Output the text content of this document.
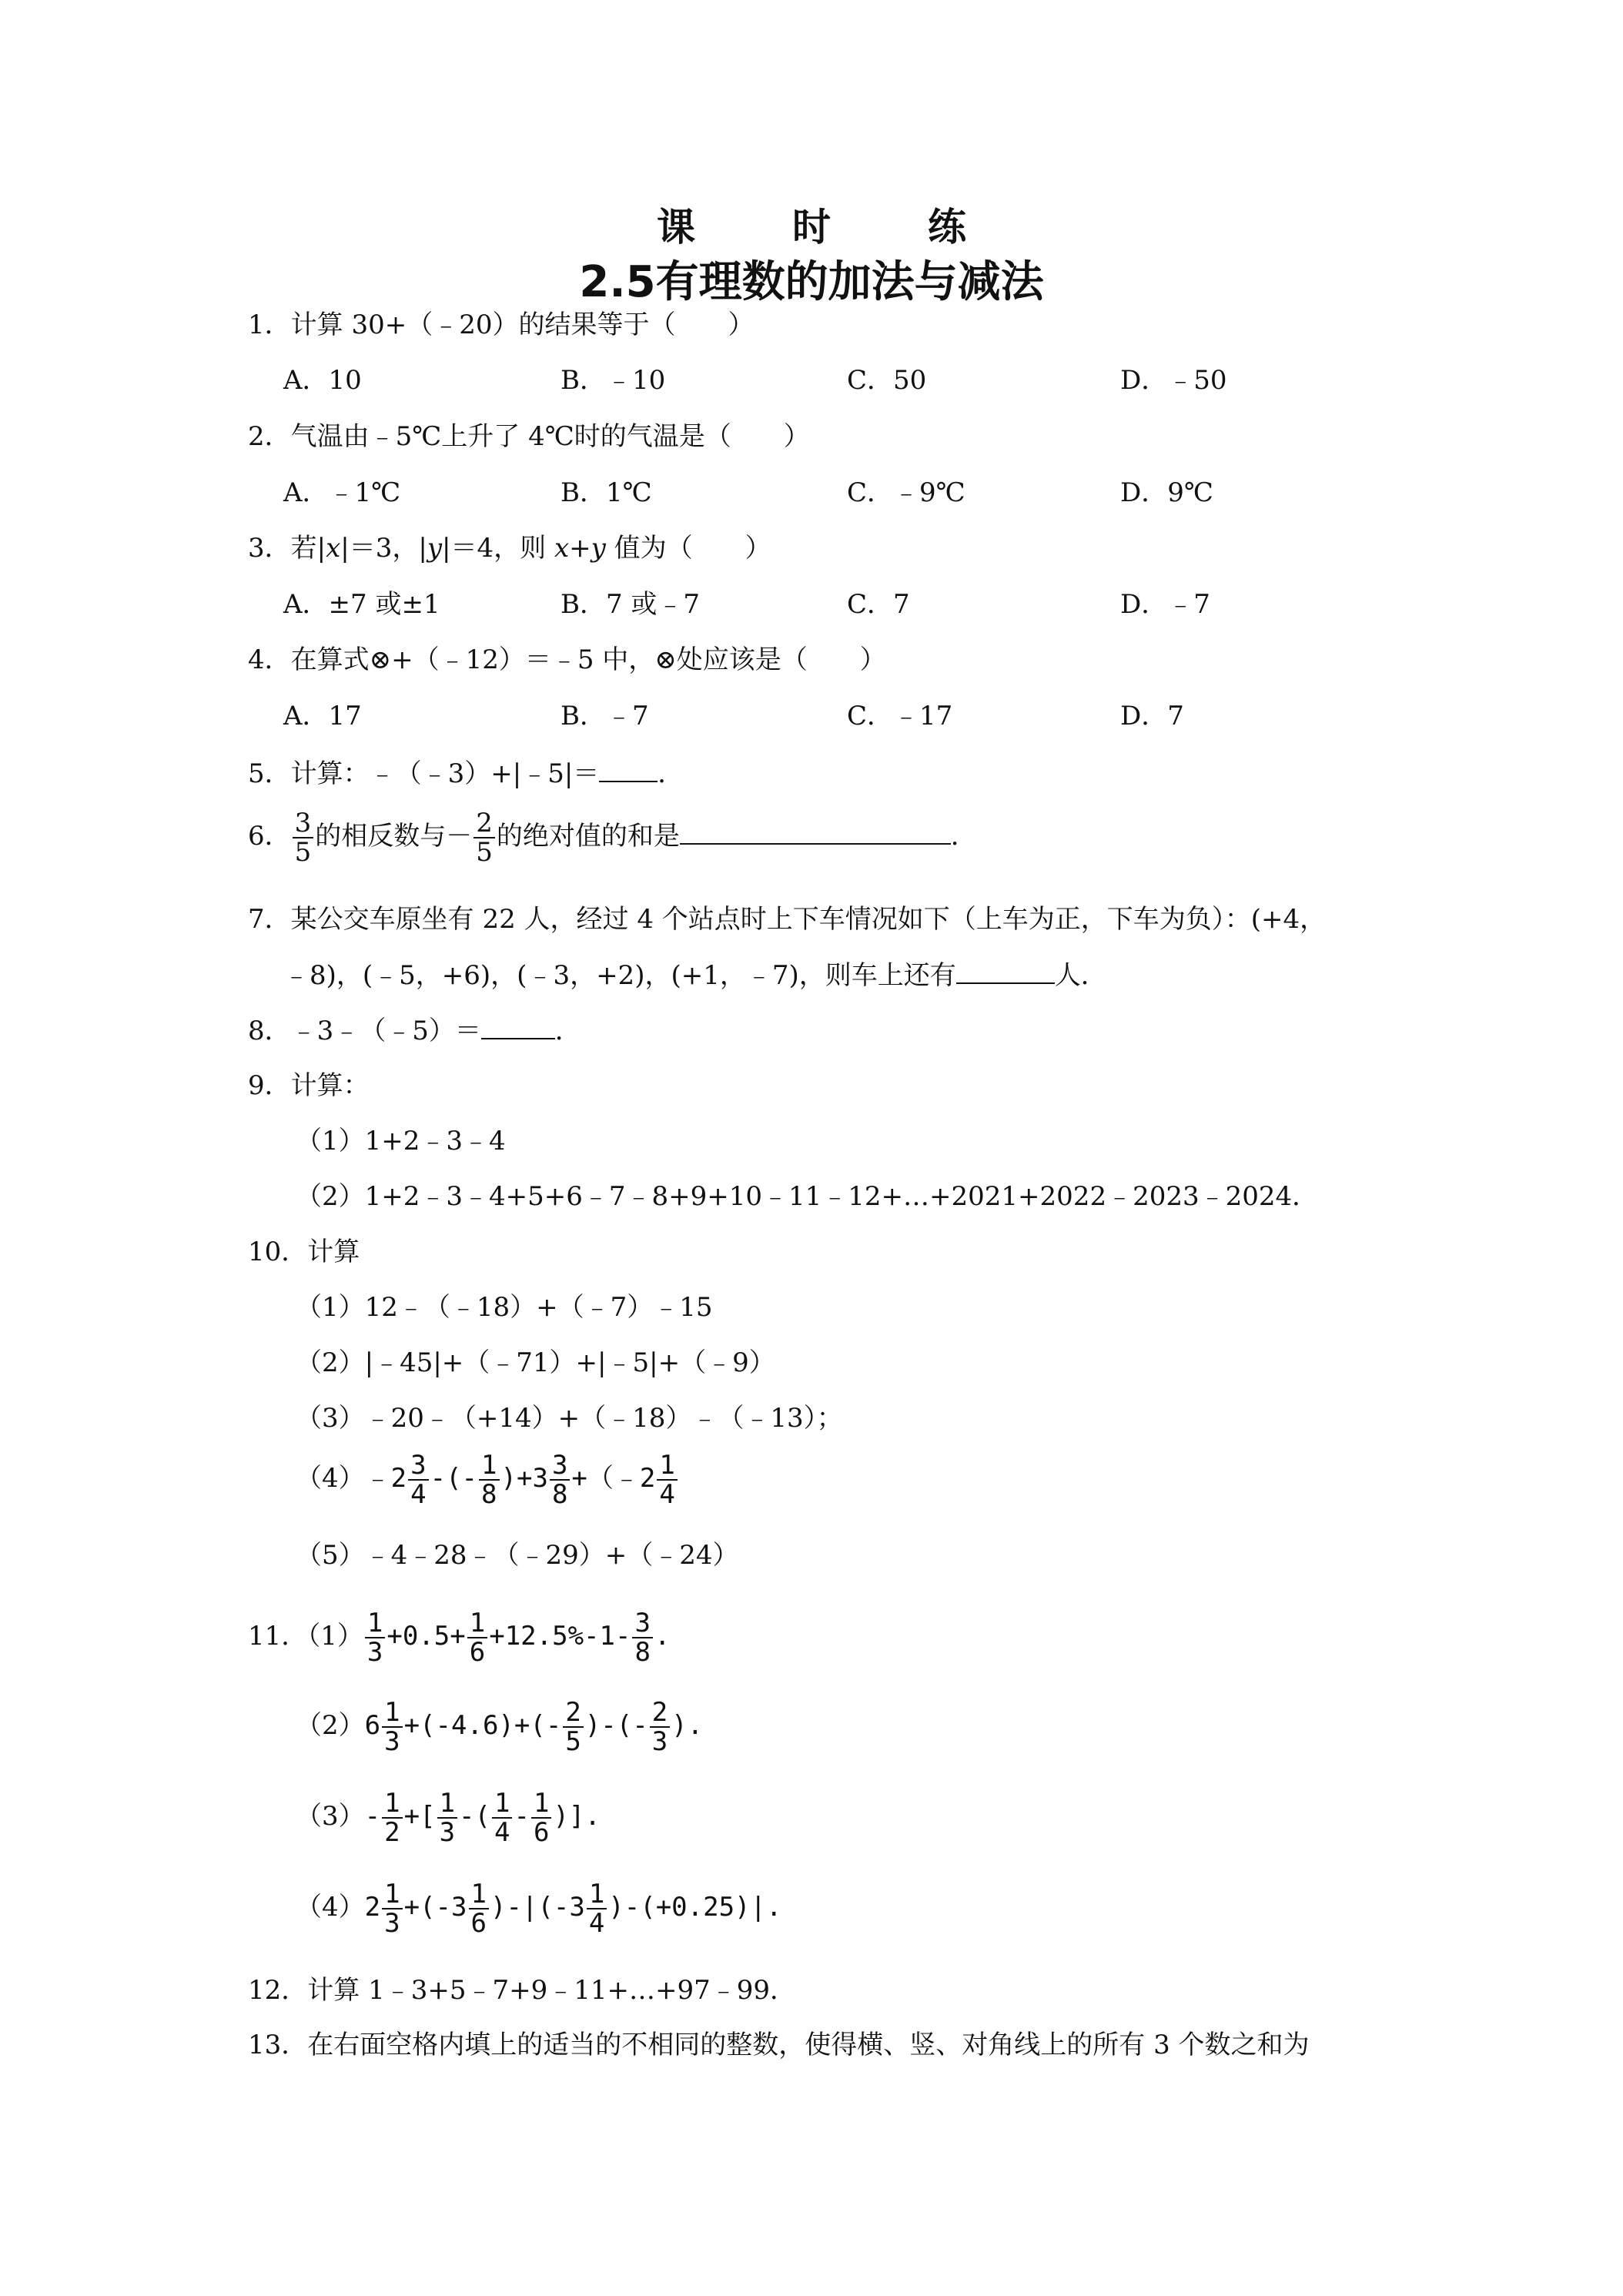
课　时　练
2.5有理数的加法与减法
1．计算 30+（﹣20）的结果等于（　　）
A．10	B．﹣10	C．50	D．﹣50
2．气温由﹣5℃上升了 4℃时的气温是（　　）
A．﹣1℃	B．1℃	C．﹣9℃	D．9℃
3．若|x|＝3，|y|＝4，则 x+y 值为（　　）
A．±7 或±1	B．7 或﹣7	C．7	D．﹣7
4．在算式⊗+（﹣12）＝﹣5 中，⊗处应该是（　　）
A．17	B．﹣7	C．﹣17	D．7
5．计算：﹣（﹣3）+|﹣5|＝ ．
6． $\frac{3}{5}$ 的相反数与－ $\frac{2}{5}$ 的绝对值的和是	．
7．某公交车原坐有 22 人，经过 4 个站点时上下车情况如下（上车为正，下车为负）：(+4，
﹣8)，(﹣5，+6)，(﹣3，+2)，(+1，﹣7)，则车上还有	人．
8．﹣3﹣（﹣5）＝	．
9．计算：
（1）1+2﹣3﹣4
（2）1+2﹣3﹣4+5+6﹣7﹣8+9+10﹣11﹣12+…+2021+2022﹣2023﹣2024．
10．计算
（1）12﹣（﹣18）+（﹣7）﹣15
（2）|﹣45|+（﹣71）+|﹣5|+（﹣9）
（3）﹣20﹣（+14）+（﹣18）﹣（﹣13）；
（4）﹣2 $\frac{3}{4}$ -(- $\frac{1}{8} )+3 \frac{3}{8}$ +（﹣2 $\frac{1}{4}$
（5）﹣4﹣28﹣（﹣29）+（﹣24）
11．$(1) \frac{1}{3} +0.5+ \frac{1}{6} +12.5\%-1- \frac{3}{8}$ .
$(2)6 \frac{1}{3} +(-4.6)+(- \frac{2}{5}$ )-(- $\frac{2}{3}$ ).
$(3)- \frac{1}{2}$ +[ $\frac{1}{3}$ -( $\frac{1}{4} - \frac{1}{6}$ )].
$(4)2 \frac{1}{3} +(-3 \frac{1}{6} )-|(-3 \frac{1}{4} )-(+0.25)|$.
12．计算 1﹣3+5﹣7+9﹣11+…+97﹣99．
13．在右面空格内填上的适当的不相同的整数，使得横、竖、对角线上的所有 3 个数之和为
